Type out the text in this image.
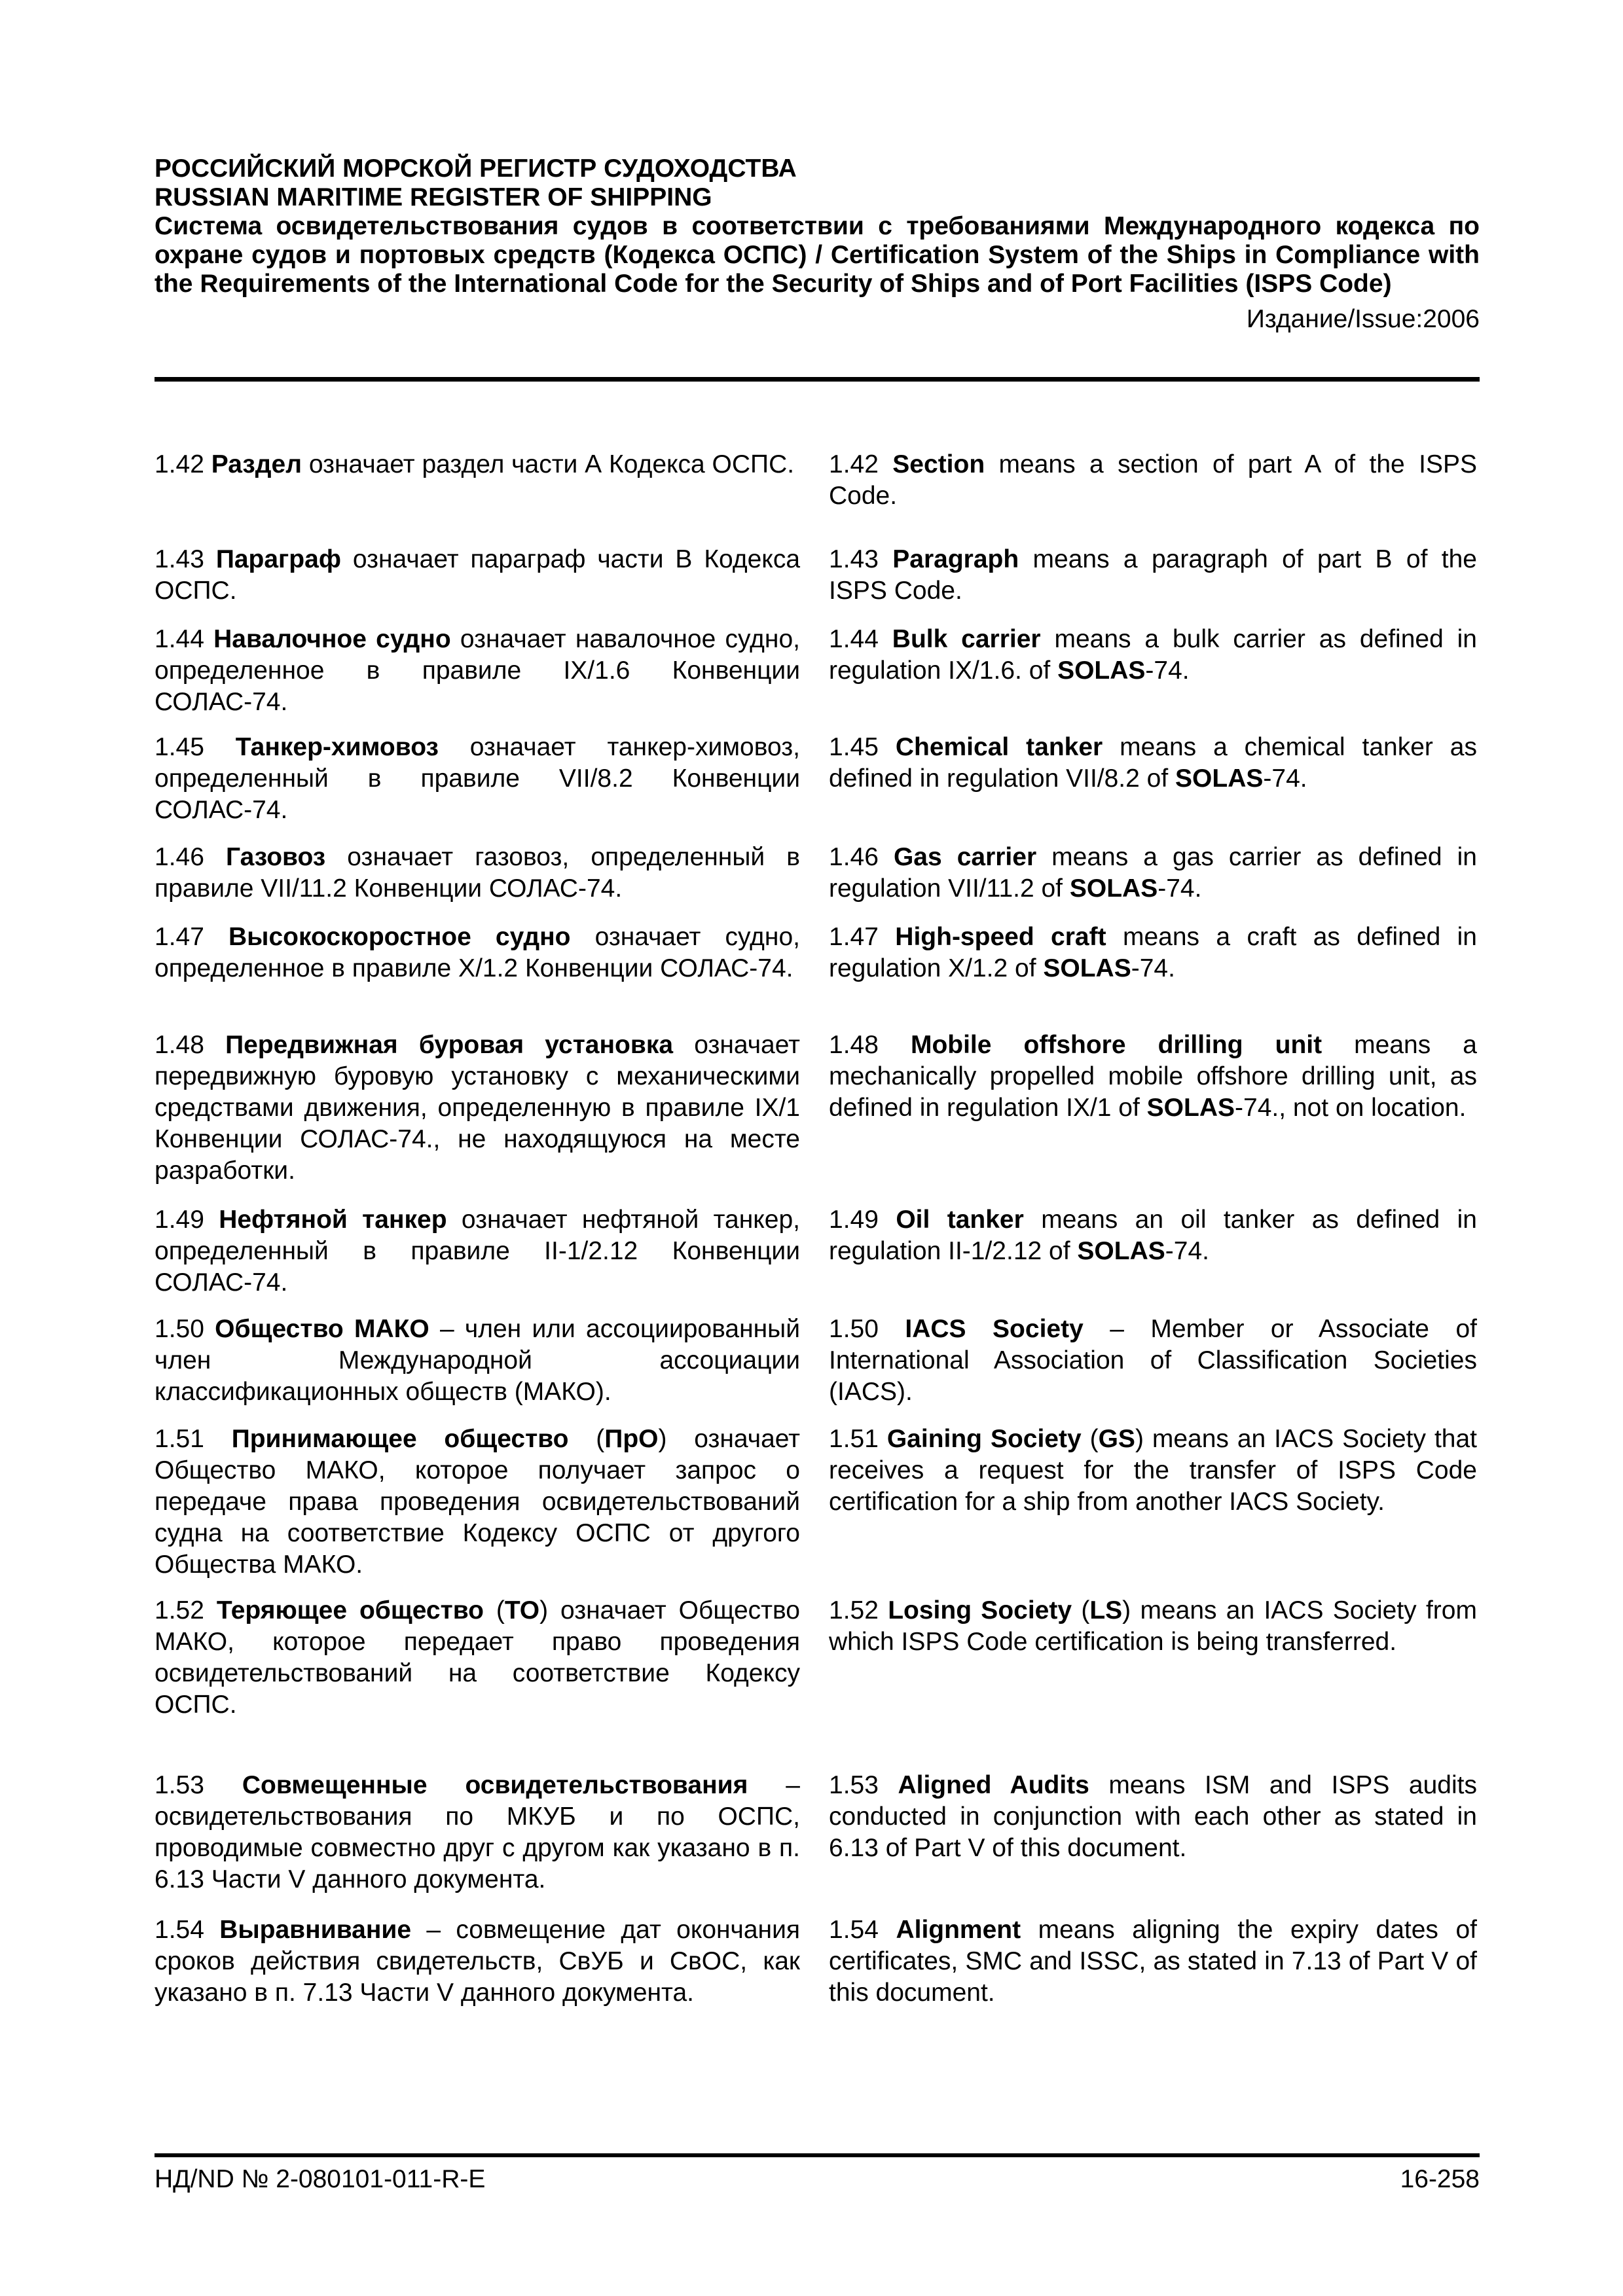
РОССИЙСКИЙ МОРСКОЙ РЕГИСТР СУДОХОДСТВА
RUSSIAN MARITIME REGISTER OF SHIPPING
Система освидетельствования судов в соответствии с требованиями Международного кодекса по охране судов и портовых средств (Кодекса ОСПС) / Certification System of the Ships in Compliance with the Requirements of the International Code for the Security of Ships and of Port Facilities (ISPS Code)
Издание/Issue:2006

1.42 Раздел означает раздел части А Кодекса ОСПС. 1.42 Section means a section of part A of the ISPS Code.

1.43 Параграф означает параграф части В Кодекса ОСПС.

1.43 Paragraph means a paragraph of part B of the ISPS Code.

1.44 Навалочное судно означает навалочное судно, определенное в правиле IX/1.6 Конвенции СОЛАС-74.

1.44 Bulk carrier means a bulk carrier as defined in regulation IX/1.6. of SOLAS-74.

1.45 Танкер-химовоз означает танкер-химовоз, определенный в правиле VII/8.2 Конвенции СОЛАС-74.

1.45 Chemical tanker means a chemical tanker as defined in regulation VII/8.2 of SOLAS-74.

1.46 Газовоз означает газовоз, определенный в правиле VII/11.2 Конвенции СОЛАС-74.

1.46 Gas carrier means a gas carrier as defined in regulation VII/11.2 of SOLAS-74.

1.47 Высокоскоростное судно означает судно, определенное в правиле Х/1.2 Конвенции СОЛАС-74.

1.47 High-speed craft means a craft as defined in regulation X/1.2 of SOLAS-74.

1.48 Передвижная буровая установка означает передвижную буровую установку с механическими средствами движения, определенную в правиле IX/1 Конвенции СОЛАС-74., не находящуюся на месте разработки.

1.48 Mobile offshore drilling unit means a mechanically propelled mobile offshore drilling unit, as defined in regulation IX/1 of SOLAS-74., not on location.

1.49 Нефтяной танкер означает нефтяной танкер, определенный в правиле II-1/2.12 Конвенции СОЛАС-74.

1.49 Oil tanker means an oil tanker as defined in regulation II-1/2.12 of SOLAS-74.

1.50 Общество МАКО – член или ассоциированный член Международной ассоциации классификационных обществ (МАКО).

1.50 IACS Society – Member or Associate of International Association of Classification Societies (IACS).

1.51 Принимающее общество (ПрО) означает Общество МАКО, которое получает запрос о передаче права проведения освидетельствований судна на соответствие Кодексу ОСПС от другого Общества МАКО.

1.51 Gaining Society (GS) means an IACS Society that receives a request for the transfer of ISPS Code certification for a ship from another IACS Society.

1.52 Теряющее общество (ТО) означает Общество МАКО, которое передает право проведения освидетельствований на соответствие Кодексу ОСПС.

1.52 Losing Society (LS) means an IACS Society from which ISPS Code certification is being transferred.

1.53 Совмещенные освидетельствования – освидетельствования по МКУБ и по ОСПС, проводимые совместно друг с другом как указано в п. 6.13 Части V данного документа.

1.53 Aligned Audits means ISM and ISPS audits conducted in conjunction with each other as stated in 6.13 of Part V of this document.

1.54 Выравнивание – совмещение дат окончания сроков действия свидетельств, СвУБ и СвОС, как указано в п. 7.13 Части V данного документа.

1.54 Alignment means aligning the expiry dates of certificates, SMC and ISSC, as stated in 7.13 of Part V of this document.

НД/ND № 2-080101-011-R-E	16-258
